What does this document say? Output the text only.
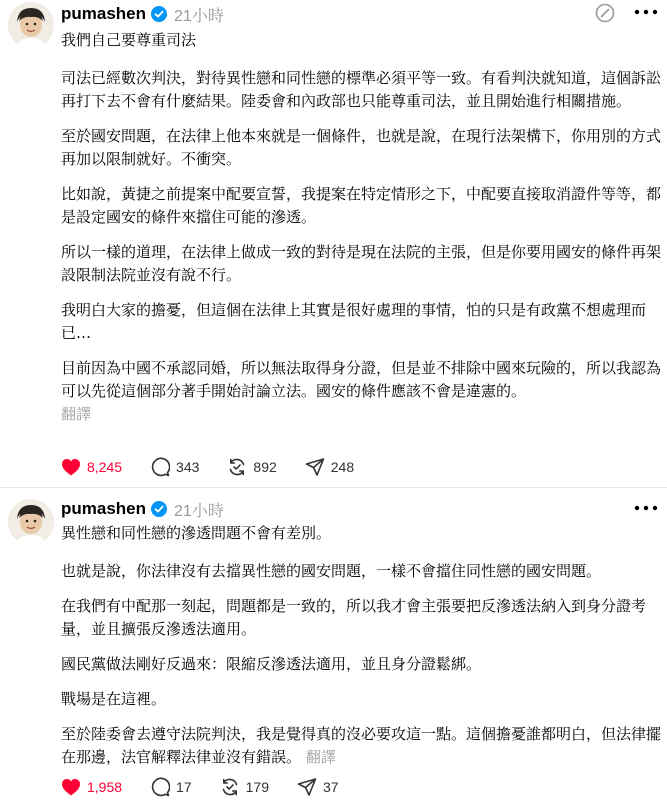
pumashen 21小時

我們自己要尊重司法

司法已經數次判決，對待異性戀和同性戀的標準必須平等一致。有看判決就知道，這個訴訟再打下去不會有什麼結果。陸委會和內政部也只能尊重司法，並且開始進行相關措施。

至於國安問題，在法律上他本來就是一個條件，也就是說，在現行法架構下，你用別的方式再加以限制就好。不衝突。

比如說，黃捷之前提案中配要宣誓，我提案在特定情形之下，中配要直接取消證件等等，都是設定國安的條件來擋住可能的滲透。

所以一樣的道理，在法律上做成一致的對待是現在法院的主張，但是你要用國安的條件再架設限制法院並沒有說不行。

我明白大家的擔憂，但這個在法律上其實是很好處理的事情，怕的只是有政黨不想處理而已…

目前因為中國不承認同婚，所以無法取得身分證，但是並不排除中國來玩險的，所以我認為可以先從這個部分著手開始討論立法。國安的條件應該不會是違憲的。

翻譯

8,245	343	892	248
pumashen 21小時

異性戀和同性戀的滲透問題不會有差別。

也就是說，你法律沒有去擋異性戀的國安問題，一樣不會擋住同性戀的國安問題。

在我們有中配那一刻起，問題都是一致的，所以我才會主張要把反滲透法納入到身分證考量，並且擴張反滲透法適用。

國民黨做法剛好反過來：限縮反滲透法適用，並且身分證鬆綁。

戰場是在這裡。

至於陸委會去遵守法院判決，我是覺得真的沒必要攻這一點。這個擔憂誰都明白，但法律擺在那邊，法官解釋法律並沒有錯誤。 翻譯

1,958	17	179	37
